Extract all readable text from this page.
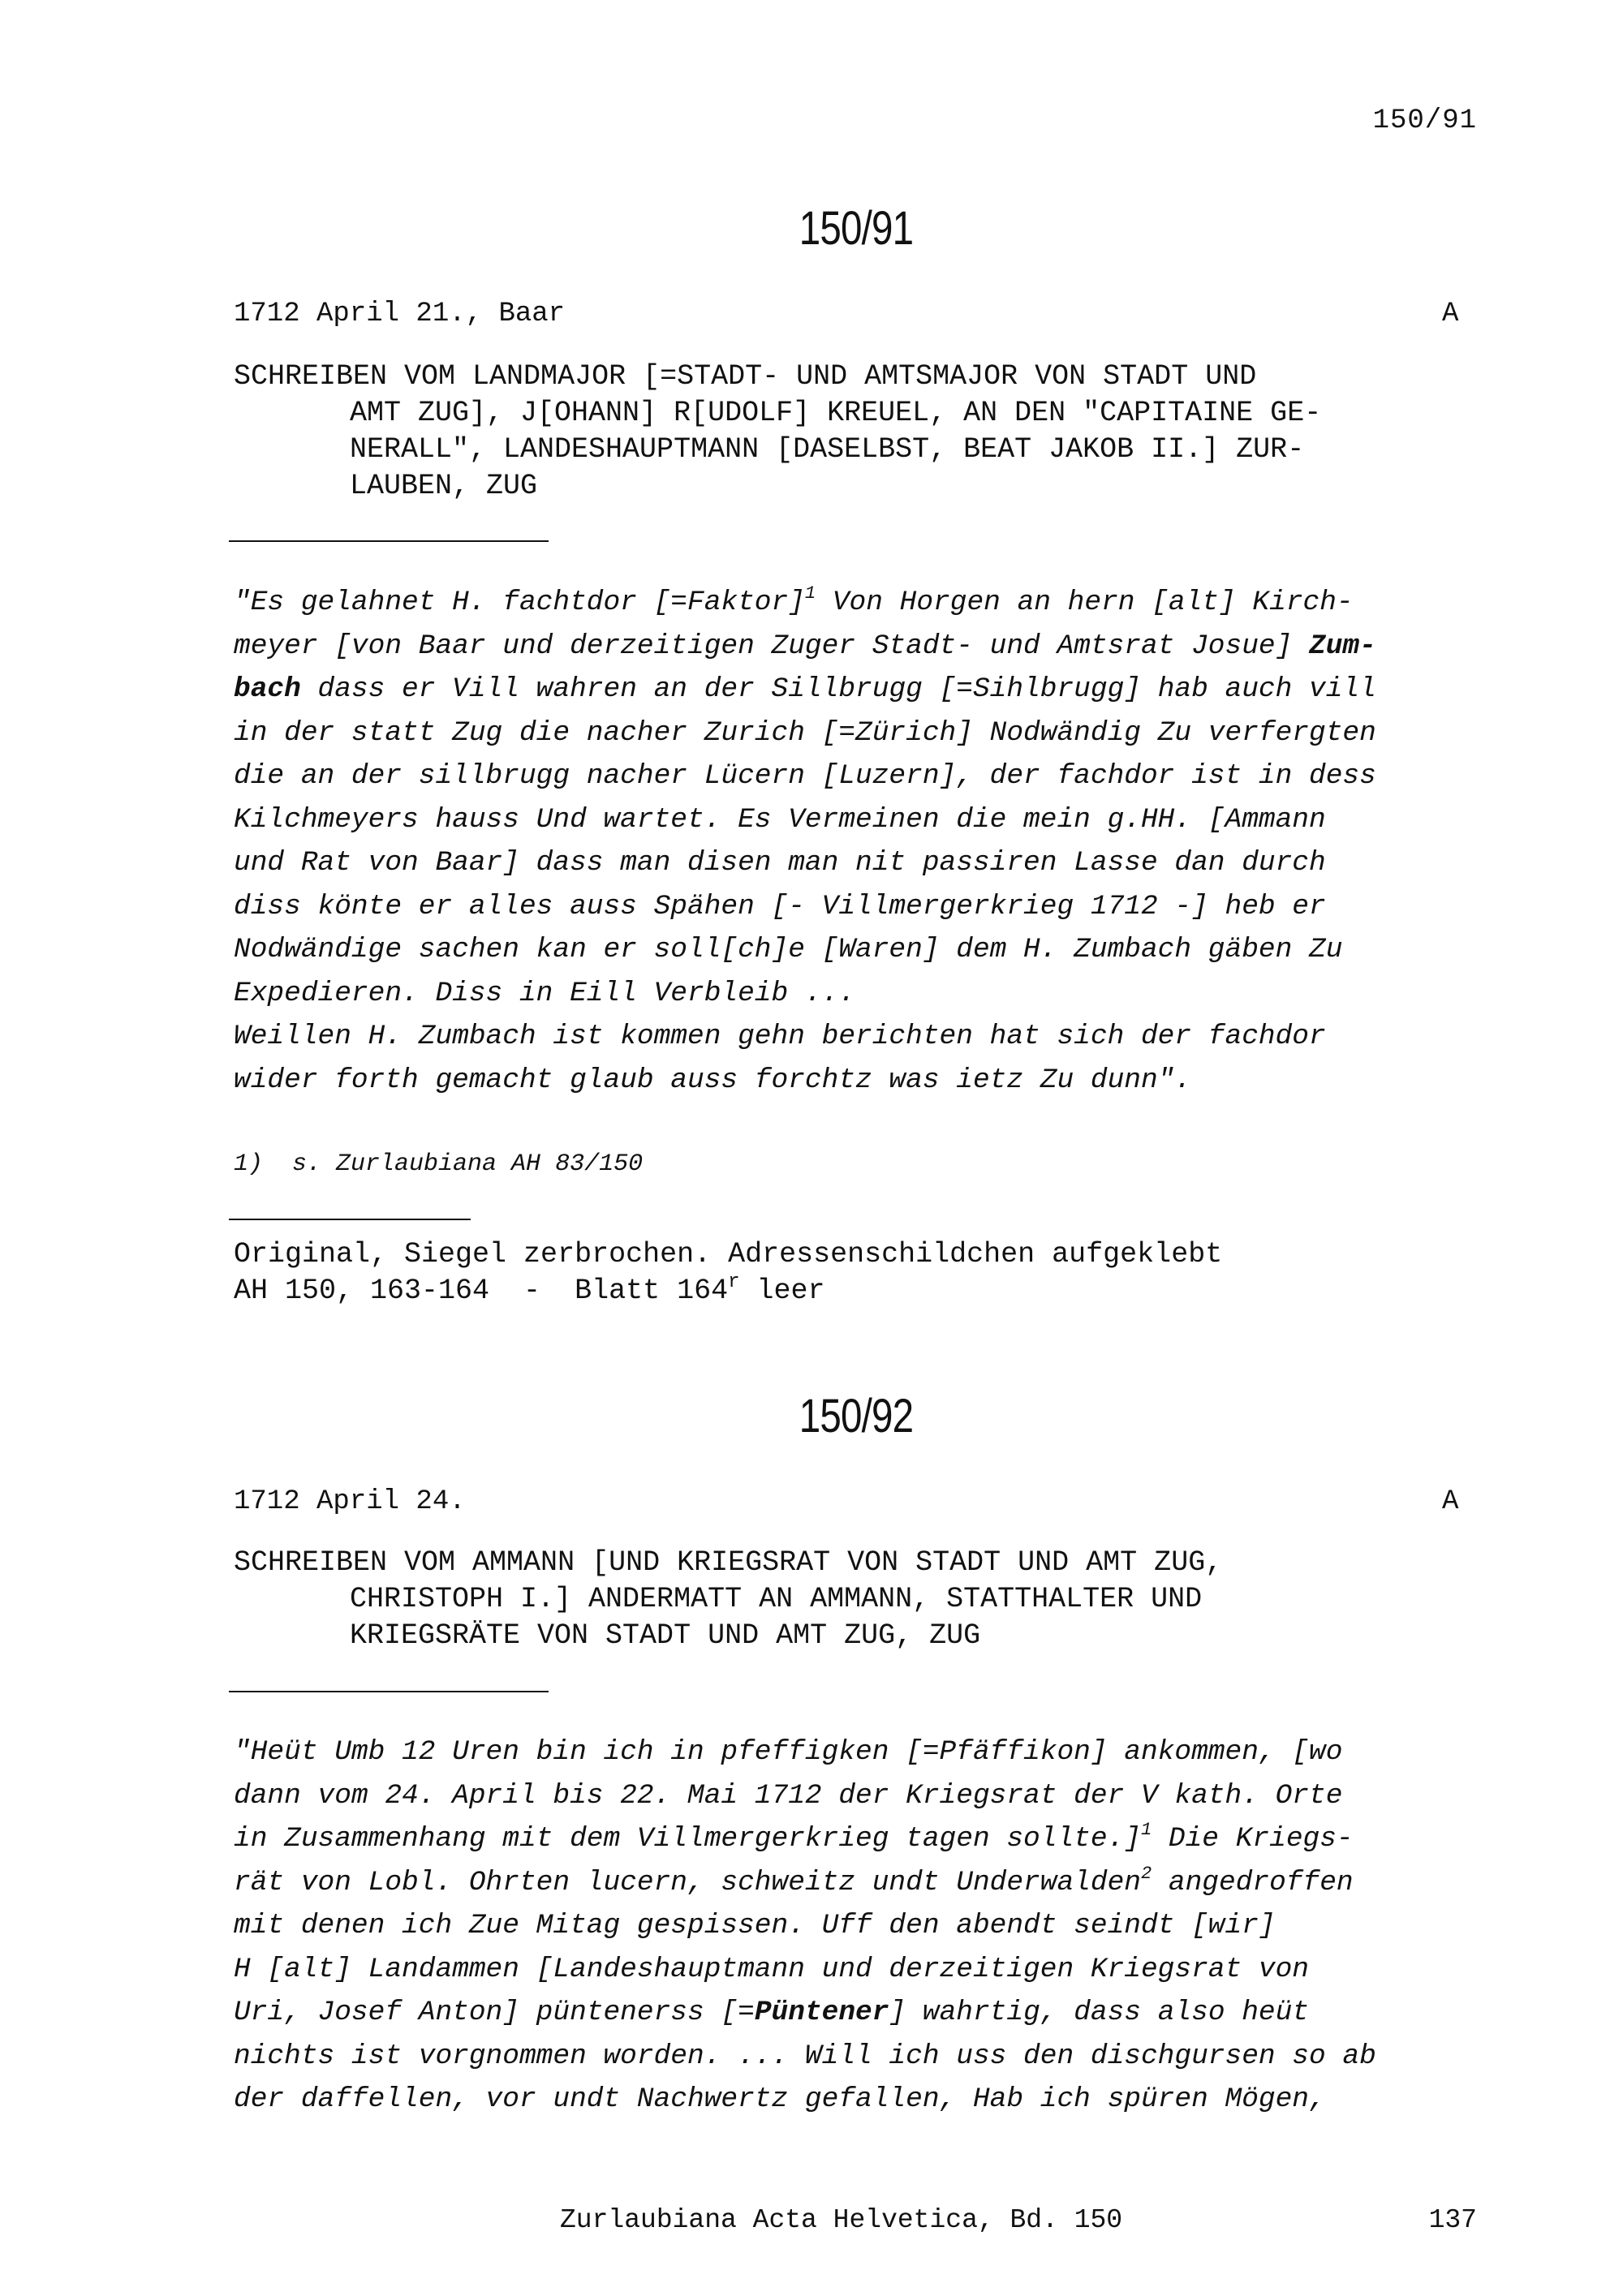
150/91
150/91
1712 April 21., Baar	A
SCHREIBEN VOM LANDMAJOR [=STADT- UND AMTSMAJOR VON STADT UND
AMT ZUG], J[OHANN] R[UDOLF] KREUEL, AN DEN "CAPITAINE GE-
NERALL", LANDESHAUPTMANN [DASELBST, BEAT JAKOB II.] ZUR-
LAUBEN, ZUG
"Es gelahnet H. fachtdor [=Faktor]$^1$ Von Horgen an hern [alt] Kirch-
meyer [von Baar und derzeitigen Zuger Stadt- und Amtsrat Josue] Zum-
bach dass er Vill wahren an der Sillbrugg [=Sihlbrugg] hab auch vill
in der statt Zug die nacher Zurich [=Zürich] Nodwändig Zu verfergten
die an der sillbrugg nacher Lücern [Luzern], der fachdor ist in dess
Kilchmeyers hauss Und wartet. Es Vermeinen die mein g.HH. [Ammann
und Rat von Baar] dass man disen man nit passiren Lasse dan durch
diss könte er alles auss Spähen [- Villmergerkrieg 1712 -] heb er
Nodwändige sachen kan er soll[ch]e [Waren] dem H. Zumbach gäben Zu
Expedieren. Diss in Eill Verbleib ...
Weillen H. Zumbach ist kommen gehn berichten hat sich der fachdor
wider forth gemacht glaub auss forchtz was ietz Zu dunn".
1)  s. Zurlaubiana AH 83/150
Original, Siegel zerbrochen. Adressenschildchen aufgeklebt
AH 150, 163-164  -  Blatt 164$^r$ leer
150/92
1712 April 24.	A
SCHREIBEN VOM AMMANN [UND KRIEGSRAT VON STADT UND AMT ZUG,
CHRISTOPH I.] ANDERMATT AN AMMANN, STATTHALTER UND
KRIEGSRÄTE VON STADT UND AMT ZUG, ZUG
"Heüt Umb 12 Uren bin ich in pfeffigken [=Pfäffikon] ankommen, [wo
dann vom 24. April bis 22. Mai 1712 der Kriegsrat der V kath. Orte
in Zusammenhang mit dem Villmergerkrieg tagen sollte.]$^1$ Die Kriegs-
rät von Lobl. Ohrten lucern, schweitz undt Underwalden$^2$ angedroffen
mit denen ich Zue Mitag gespissen. Uff den abendt seindt [wir]
H [alt] Landammen [Landeshauptmann und derzeitigen Kriegsrat von
Uri, Josef Anton] püntenerss [=Püntener] wahrtig, dass also heüt
nichts ist vorgnommen worden. ... Will ich uss den dischgursen so ab
der daffellen, vor undt Nachwertz gefallen, Hab ich spüren Mögen,
Zurlaubiana Acta Helvetica, Bd. 150	137
